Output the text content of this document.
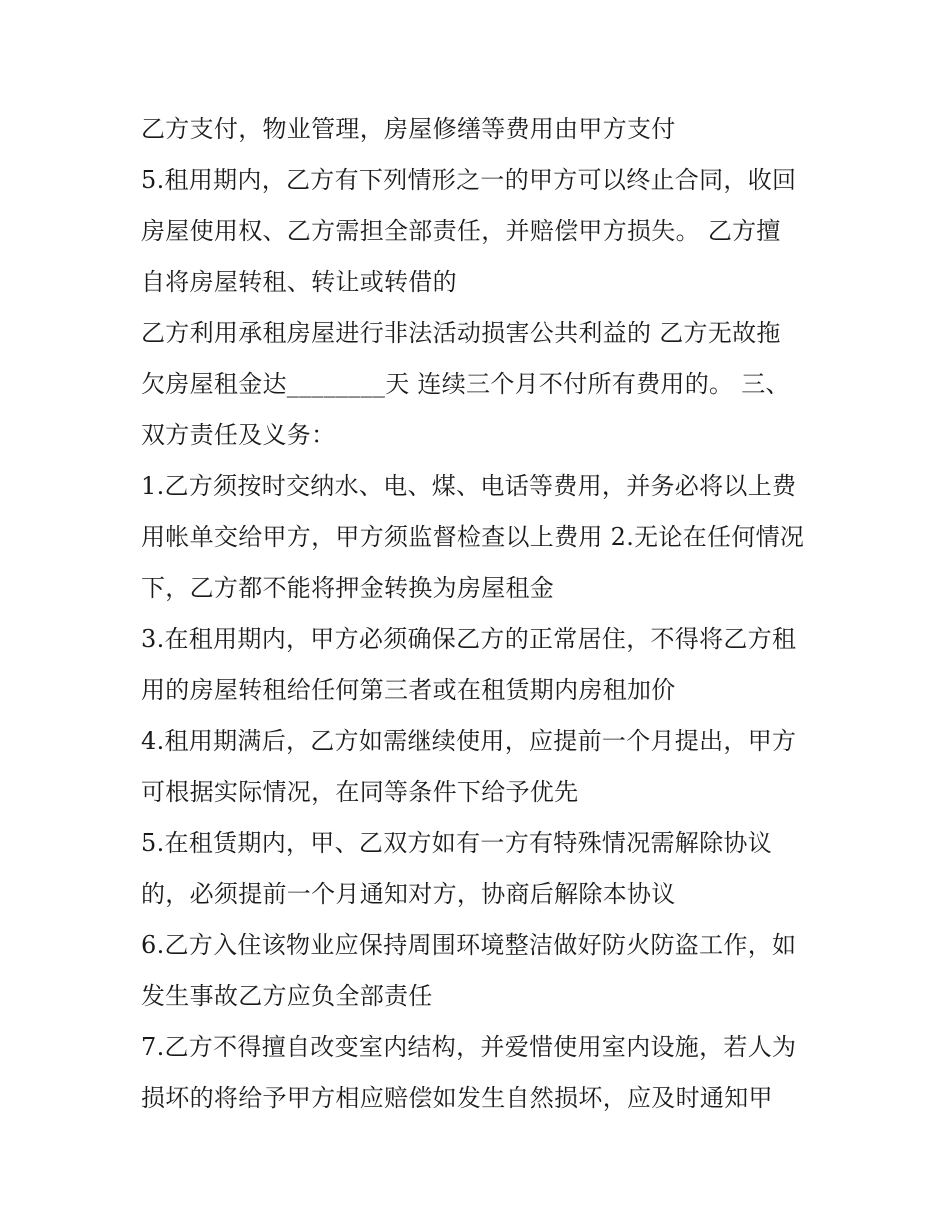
乙方支付，物业管理，房屋修缮等费用由甲方支付
5.租用期内，乙方有下列情形之一的甲方可以终止合同，收回
房屋使用权、乙方需担全部责任，并赔偿甲方损失。 乙方擅
自将房屋转租、转让或转借的
乙方利用承租房屋进行非法活动损害公共利益的 乙方无故拖
欠房屋租金达________天 连续三个月不付所有费用的。 三、
双方责任及义务：
1.乙方须按时交纳水、电、煤、电话等费用，并务必将以上费
用帐单交给甲方，甲方须监督检查以上费用 2.无论在任何情况
下，乙方都不能将押金转换为房屋租金
3.在租用期内，甲方必须确保乙方的正常居住，不得将乙方租
用的房屋转租给任何第三者或在租赁期内房租加价
4.租用期满后，乙方如需继续使用，应提前一个月提出，甲方
可根据实际情况，在同等条件下给予优先
5.在租赁期内，甲、乙双方如有一方有特殊情况需解除协议
的，必须提前一个月通知对方，协商后解除本协议
6.乙方入住该物业应保持周围环境整洁做好防火防盗工作，如
发生事故乙方应负全部责任
7.乙方不得擅自改变室内结构，并爱惜使用室内设施，若人为
损坏的将给予甲方相应赔偿如发生自然损坏，应及时通知甲
